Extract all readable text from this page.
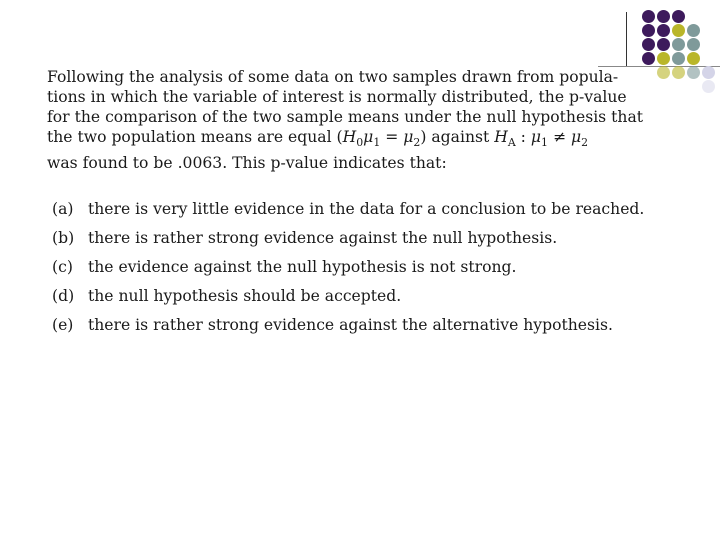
Following the analysis of some data on two samples drawn from popula-

tions in which the variable of interest is normally distributed, the p-value

for the comparison of the two sample means under the null hypothesis that

the two population means are equal $(H_0\mu_1 = \mu_2)$ against $H_A$ : $\mu_1 \ne \mu_2$

was found to be .0063. This p-value indicates that:

(a) there is very little evidence in the data for a conclusion to be reached.
(b) there is rather strong evidence against the null hypothesis.
(c) the evidence against the null hypothesis is not strong.
(d) the null hypothesis should be accepted.
(e) there is rather strong evidence against the alternative hypothesis.
